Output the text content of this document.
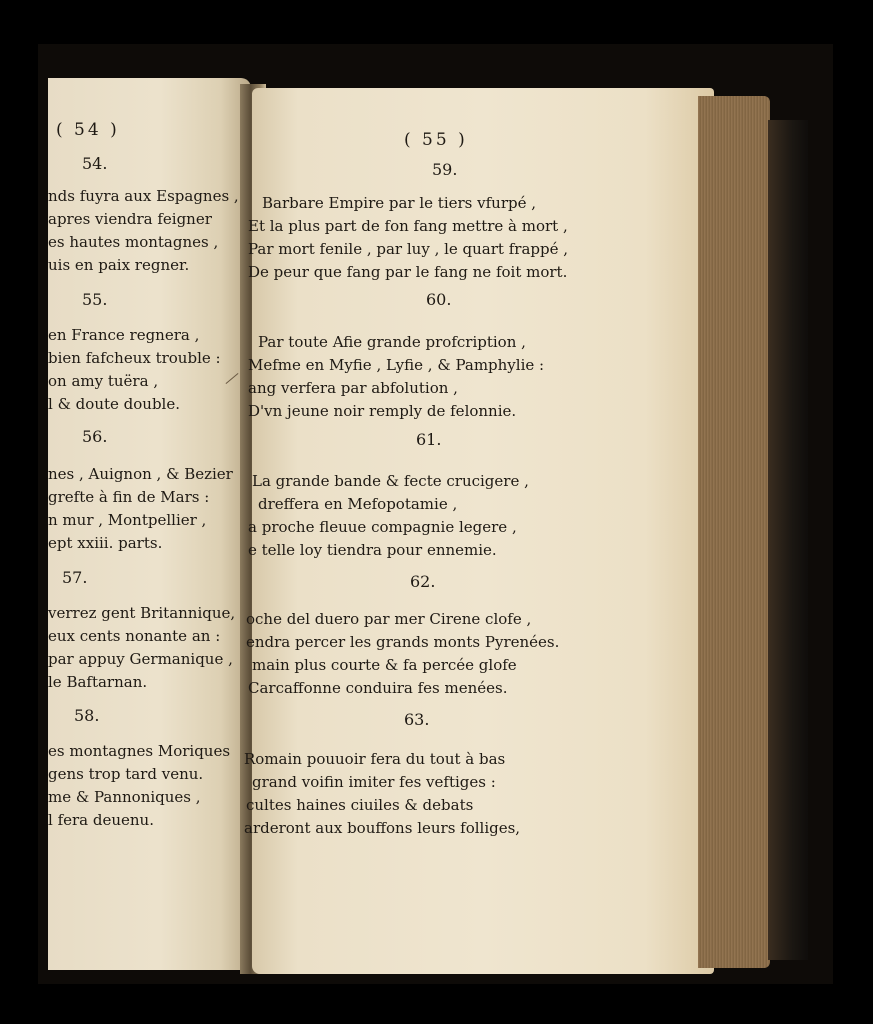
( 54 )
54.
nds fuyra aux Espagnes ,
apres viendra feigner
es hautes montagnes ,
uis en paix regner.
55.
en France regnera ,
bien fafcheux trouble :
on amy tuëra ,
l & doute double.
56.
nes , Auignon , & Bezier
grefte à fin de Mars :
n mur , Montpellier ,
ept xxiii. parts.
57.
verrez gent Britannique,
eux cents nonante an :
par appuy Germanique ,
le Baftarnan.
58.
es montagnes Moriques
gens trop tard venu.
me & Pannoniques ,
l fera deuenu.
( 55 )
59.
Barbare Empire par le tiers vfurpé ,
Et la plus part de fon fang mettre à mort ,
Par mort fenile , par luy , le quart frappé ,
De peur que fang par le fang ne foit mort.
60.
Par toute Afie grande profcription ,
Mefme en Myfie , Lyfie , & Pamphylie :
ang verfera par abfolution ,
D'vn jeune noir remply de felonnie.
61.
La grande bande & fecte crucigere ,
dreffera en Mefopotamie ,
a proche fleuue compagnie legere ,
e telle loy tiendra pour ennemie.
62.
oche del duero par mer Cirene clofe ,
endra percer les grands monts Pyrenées.
main plus courte & fa percée glofe
Carcaffonne conduira fes menées.
63.
Romain pouuoir fera du tout à bas
grand voifin imiter fes veftiges :
cultes haines ciuiles & debats
arderont aux bouffons leurs folliges,
